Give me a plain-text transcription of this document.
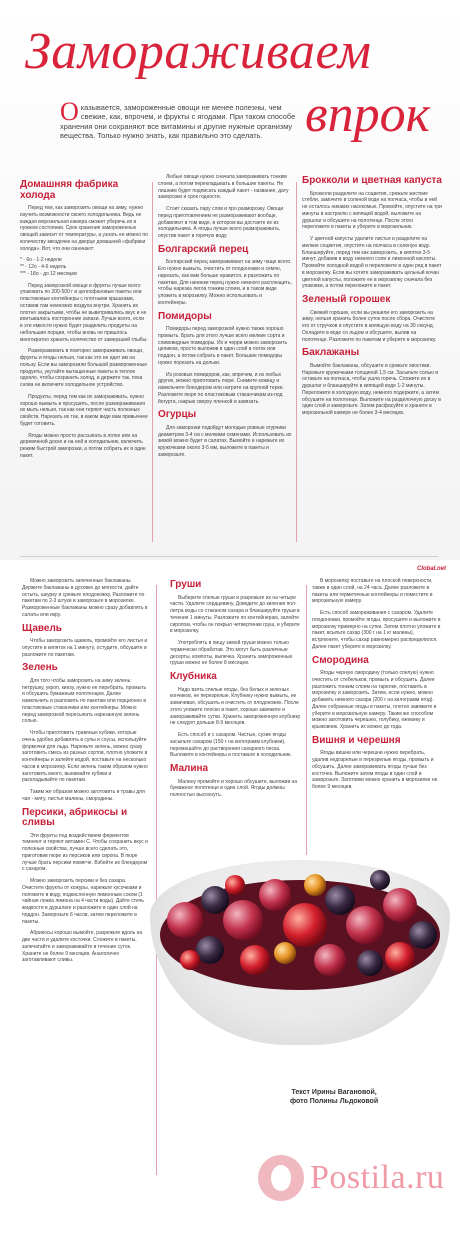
Замораживаем
впрок
О казывается, замороженные овощи не менее полезны, чем свежие, как, впрочем, и фрукты с ягодами. При таком способе хранения они сохраняют все витамины и другие нужные организму вещества. Только нужно знать, как правильно это сделать.
Домашняя фабрика холода

Перед тем, как заморозить овощи на зиму, нужно изучить возможности своего холодильника. Ведь не каждая морозильная камера сможет уберечь их в нужном состоянии. Срок хранения замороженных овощей зависит от температуры, а узнать ее можно по количеству звездочек на дверце домашней «фабрики холода». Вот, что они означают:

* - 6o - 1-2 недели
** - 12o - 4-6 недель
*** - 18o - до 12 месяцев

Перед заморозкой овощи и фрукты лучше всего упаковать по 200-500 г в целлофановые пакеты или пластиковые контейнеры с плотными крышками, оставив там немножко воздуха внутри. Хранить их плотно закрытыми, чтобы не выветривались вкус и не впитывались посторонние запахи. Лучше всего, если в эти емкости нужно будет разделить продукты на небольшие порции, чтобы вновь не пришлось многократно хранить количество от замерзшей глыбы.

Размораживать в повторно замораживать овощи, фрукты и ягоды нельзя, так как это не идет им на пользу. Если вы заморозили большой размороженные продукты, укутайте вытащенные пакеты в теплое одеяло, чтобы сохранить холод, и держите так, пока снова не включите холодильное устройство.

Продукты, перед тем как их замораживать, нужно хорошо вымыть и просушить, после размораживания их мыть нельзя, так как они теряют часть полезных свойств. Нарезать их так, в каком виде вам привычнее будет готовить.

Ягоды можно просто рассыпать в лотке или на деревянной доске и на ней в холодильник, включить режим быстрой заморозки, а потом собрать их в один пакет.

Любые овощи нужно сначала замораживать тонким слоем, а потом перекладывать в большие пакеты. Не лишним будет подписать каждый пакет - название, дату заморозки и срок годности.

Стоит сказать пару слов и про разморозку. Овощи перед приготовлением не размораживают вообще, добавляют в том виде, в котором вы достаете их из холодильника. А ягоды лучше всего размораживать, опустив пакет в горячую воду.

Болгарский перец

Болгарский перец замораживают на зиму чаще всего. Его нужно вымыть, очистить от плодоножки и семян, нарезать, как вам больше нравится, и разложить по пакетам. Для начинки перец нужно немного расплющить, чтобы нарезка легла тонким слоем, и в таком виде уложить в морозилку. Можно использовать и контейнеры.

Помидоры

Помидоры перед заморозкой нужно также хорошо промыть. Брать для этого лучше всего мелкие сорта и сливовидные помидоры. Их и черри можно заморозить целиком, просто выложив в один слой в лоток или поддон, а потом собрать в пакет. Большие помидоры нужно порезать на дольки.

Из розовых помидоров, как, впрочем, и из любых других, можно приготовить пюре. Снимите кожицу и измельчите блендером или натрите на крупной терке. Разложите пюре по пластиковым стаканчикам из-под йогурта, накрыв сверху пленкой и завязать.

Огурцы

Для заморозки подойдут молодые ровные огурчики диаметром 3-4 см с мелкими семенами. Использовать их зимой можно будет в салатах. Вымойте и нарежьте их кружочками около 3-5 мм, выложите в пакеты и заморозьте.

Брокколи и цветная капуста

Брокколи разделите на соцветия, срежьте жесткие стебли, замочите в соленой воде на полчаса, чтобы в ней не осталось никаких насекомых. Промойте, опустите на три минуты в кастрюлю с кипящей водой, выложите на дуршлаг и обсушите на полотенце. После этого переложите в пакеты и уберите в морозильник.

У цветной капусты удалите листья и разделите на мелкие соцветия, опустите на полчаса в соленую воду. Бланшируйте, перед тем как заморозить, в кипятке 3-5 минут, добавив в воду немного соли и лимонной кислоты. Промойте холодной водой и переложите в один ряд в пакет в морозилку. Если вы хотите замораживать цельный кочан цветной капусты, положите ее в морозилку сначала без упаковки, а потом переложите в пакет.

Зеленый горошек

Свежий горошек, если вы решили его заморозить на зиму, нельзя хранить более суток после сбора. Очистите его от стручков и опустите в кипящую воду на 30 секунд. Охладите в воде со льдом и обсушите, вылив на полотенце. Разложите по пакетам и уберите в морозилку.

Баклажаны

Вымойте баклажаны, обсушите и срежьте хвостики. Нарежьте кружочками толщиной 1,5 см. Засыпьте солью и оставьте на полчаса, чтобы ушла горечь. Сложите их в дуршлаг и бланшируйте в кипящей воде 1-2 минуты. Переложите в холодную воду, немного подержите, а затем обсушите на полотенце. Выложите на разделочную доску в один слой и заморозьте. Затем расфасуйте и храните в морозильной камере не более 3-4 месяцев.

Сlobal.net

Можно заморозить запеченные баклажаны. Держите баклажаны в духовке до мягкости, дайте остыть, шкурку и срежьте плодоножку. Разложите по пакетам по 2-3 штуки и заморозьте в морозилке. Размороженные баклажаны можно сразу добавлять в салаты или икру.

Щавель

Чтобы заморозить щавель, промойте его листья и опустите в кипяток на 1 минуту, остудите, обсушите и разложите по пакетам.

Зелень

Для того чтобы заморозить на зиму зелень: петрушку, укроп, кинзу, нужно ее перебрать, промыть и обсушить бумажным полотенцем. Далее измельчить и разложить по пакетам или порционно в пластиковые стаканчики или контейнеры. Можно перед заморозкой пересыпать нарезанную зелень солью.

Чтобы приготовить травяные кубики, которые очень удобно добавлять в супы и соусы, используйте формочки для льда. Нарежьте зелень, можно сразу заготовить смесь из разных сортов, плотно уложите в контейнеры и залейте водой, поставьте на несколько часов в морозилку. Если зелень таким образом нужно заготовить много, вынимайте кубики и раскладывайте по пакетам.

Таким же образом можно заготовить и травы для чая - мяту, листья малины, смородины.

Персики, абрикосы и сливы

Эти фрукты под воздействием ферментов темнеют и теряют витамин С. Чтобы сохранить вкус и полезные свойства, лучше всего сделать это, приготовив пюре из персиков или сиропа. В пюре лучше брать персики помягче. Взбейте их блендером с сахаром.

Можно заморозить персики и без сахара. Очистите фрукты от кожуры, нарежьте кусочками и положите в воду, подкисленную лимонным соком (1 чайная ложка лимона на 4 части воды). Дайте стечь жидкости в дуршлаге и разложите в один слой на поддон. Заморозьте 6 часов, затем переложите в пакеты.

Абрикосы хорошо вымойте, разрежьте вдоль на две части и удалите косточки. Сложите в пакеты, запечатайте и замораживайте в течение суток. Храните не более 9 месяцев. Аналогично заготавливают сливы.

Груши

Выберите спелые груши и разрежьте их на четыре части. Удалите сердцевину. Доведите до кипения пол-литра воды со стаканом сахара и бланшируйте груши в течение 1 минуты. Разложите по контейнерам, залейте сиропом, чтобы он покрыл четвертинки груш, и уберите в морозилку.

Употреблять в пищу зимой груши можно только термически обработав. Это могут быть различные десерты, компоты, выпечка. Хранить замороженные груши можно не более 8 месяцев.

Клубника

Надо взять спелые ягоды, без белых и зеленых кончиков, не перезрелые. Клубнику нужно вымыть, не замачивая, обсушить и очистить от плодоножек. После этого уложите плоско в пакет, хорошо завяжите и замораживайте сутки. Хранить замороженную клубнику не следует дольше 8-9 месяцев.

Есть способ и с сахаром. Чистые, сухие ягоды засыпьте сахаром (150 г на килограмм клубники), перемешайте до растворения сахарного песка. Выложите в контейнеры и поставьте в холодильник.

Малина

Малину промойте и хорошо обсушите, выложив на бумажное полотенце в один слой. Ягоды должны полностью высохнуть.

В морозилку поставьте на плоской поверхности, также в один слой, на 24 часа. Далее разложите в пакеты или герметичные контейнеры и поместите в морозильную камеру.

Есть способ замораживания с сахаром. Удалите плодоножки, промойте ягоды, просушите и выложите в морозилку примерно на сутки. Затем плотно уложите в пакет, всыпьте сахар (300 г на 1 кг малины), встряхните, чтобы сахар равномерно распределился. Далее пакет уберите в морозилку.

Смородина

Ягоды черную смородину (только спелую) нужно очистить от стебельков, промыть и обсушить. Далее разложить тонким слоем на тарелке, поставить в морозилку и заморозить. Затем, если нужно, можно добавить немного сахара (200 г на килограмм ягод). Далее собранные ягоды в пакеты, плотно завяжите и уберите в морозильную камеру. Таким же способом можно заготовить черешню, голубику, ежевику и крыжовник. Хранить их можно до года.

Вишня и черешня

Ягоды вишни или черешни нужно перебрать, удалив недозрелые и перезрелые ягоды, промыть и обсушить. Далее замораживать ягоды лучше без косточек. Выложите затем ягоды в один слой и заморозьте. Заготовки можно хранить в морозилке не более 9 месяцев.

Текст Ирины Вагановой,
фото Полины Льдоковой
Postila.ru
